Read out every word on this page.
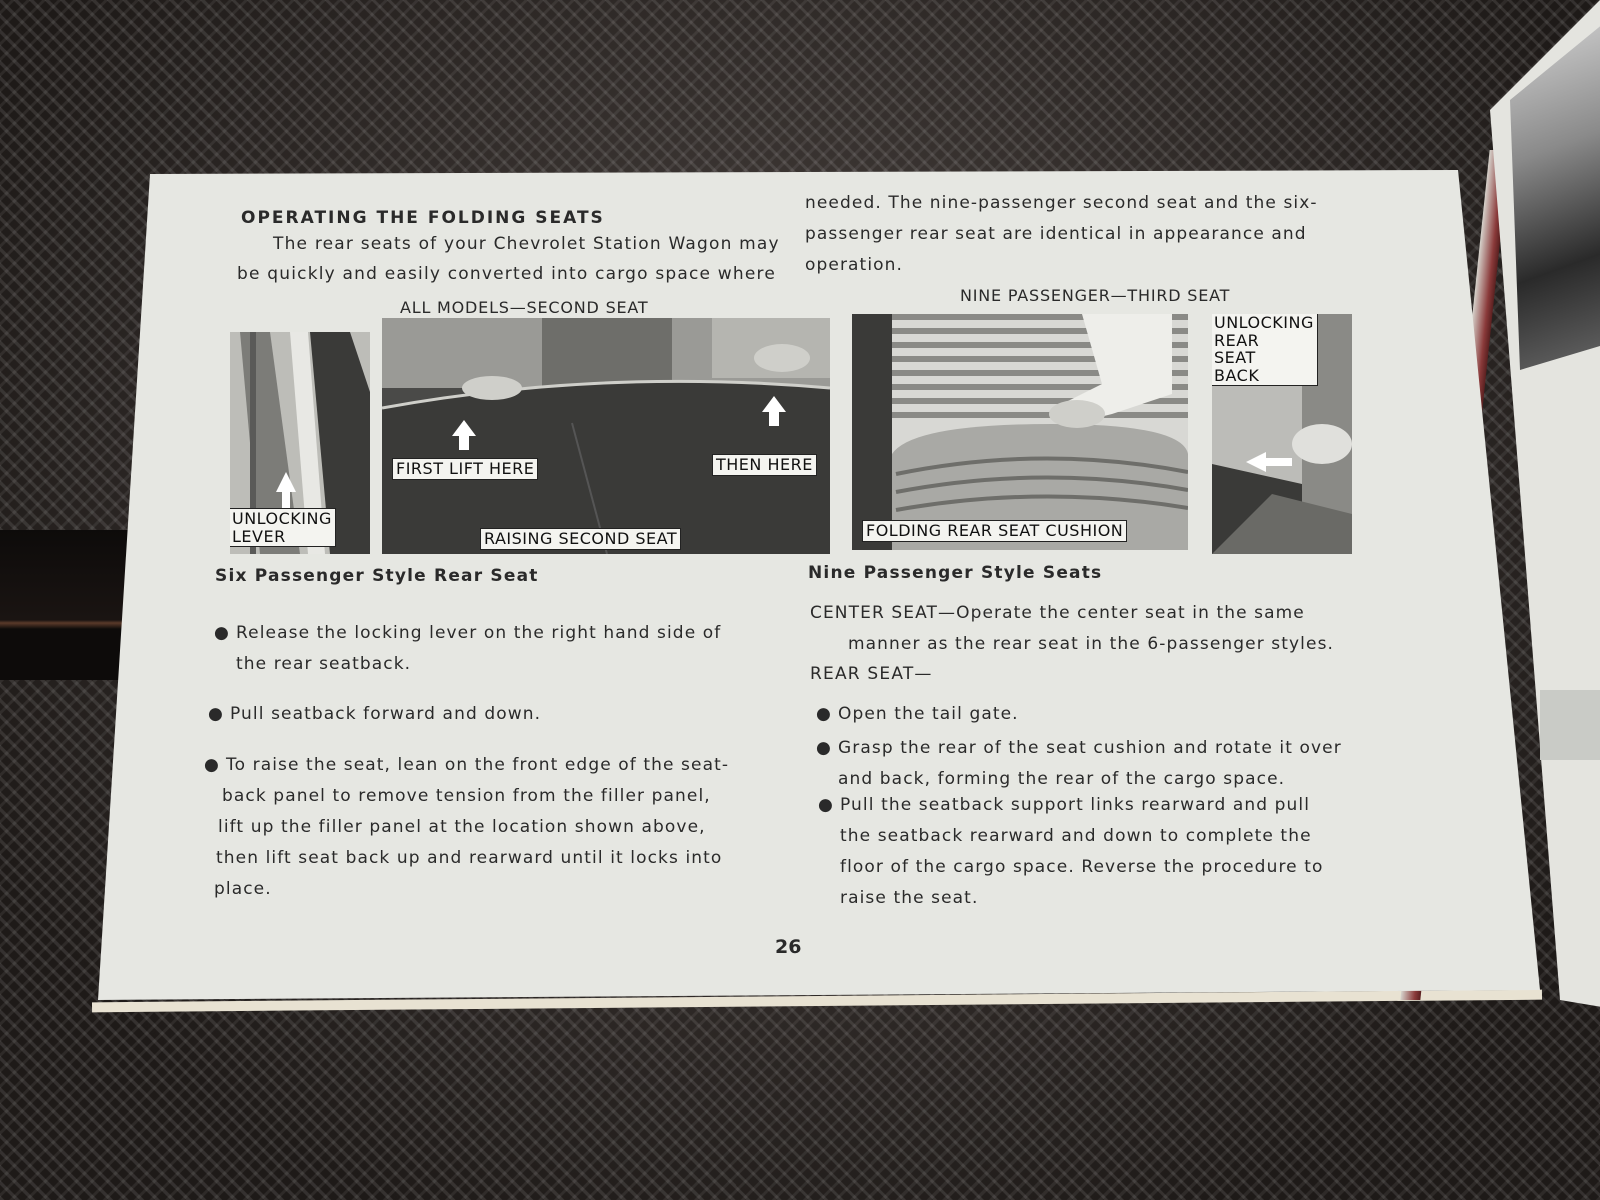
OPERATING THE FOLDING SEATS
The rear seats of your Chevrolet Station Wagon may
be quickly and easily converted into cargo space where
ALL MODELS—SECOND SEAT
UNLOCKING
LEVER
FIRST LIFT HERE	THEN HERE
RAISING SECOND SEAT
Six Passenger Style Rear Seat
● Release the locking lever on the right hand side of
the rear seatback.
● Pull seatback forward and down.
● To raise the seat, lean on the front edge of the seat-
back panel to remove tension from the filler panel,
lift up the filler panel at the location shown above,
then lift seat back up and rearward until it locks into
place.
needed. The nine-passenger second seat and the six-
passenger rear seat are identical in appearance and
operation.
NINE PASSENGER—THIRD SEAT
FOLDING REAR SEAT CUSHION
UNLOCKING
REAR
SEAT
BACK
Nine Passenger Style Seats
CENTER SEAT—Operate the center seat in the same
manner as the rear seat in the 6-passenger styles.
REAR SEAT—
● Open the tail gate.
● Grasp the rear of the seat cushion and rotate it over
and back, forming the rear of the cargo space.
● Pull the seatback support links rearward and pull
the seatback rearward and down to complete the
floor of the cargo space. Reverse the procedure to
raise the seat.
26
